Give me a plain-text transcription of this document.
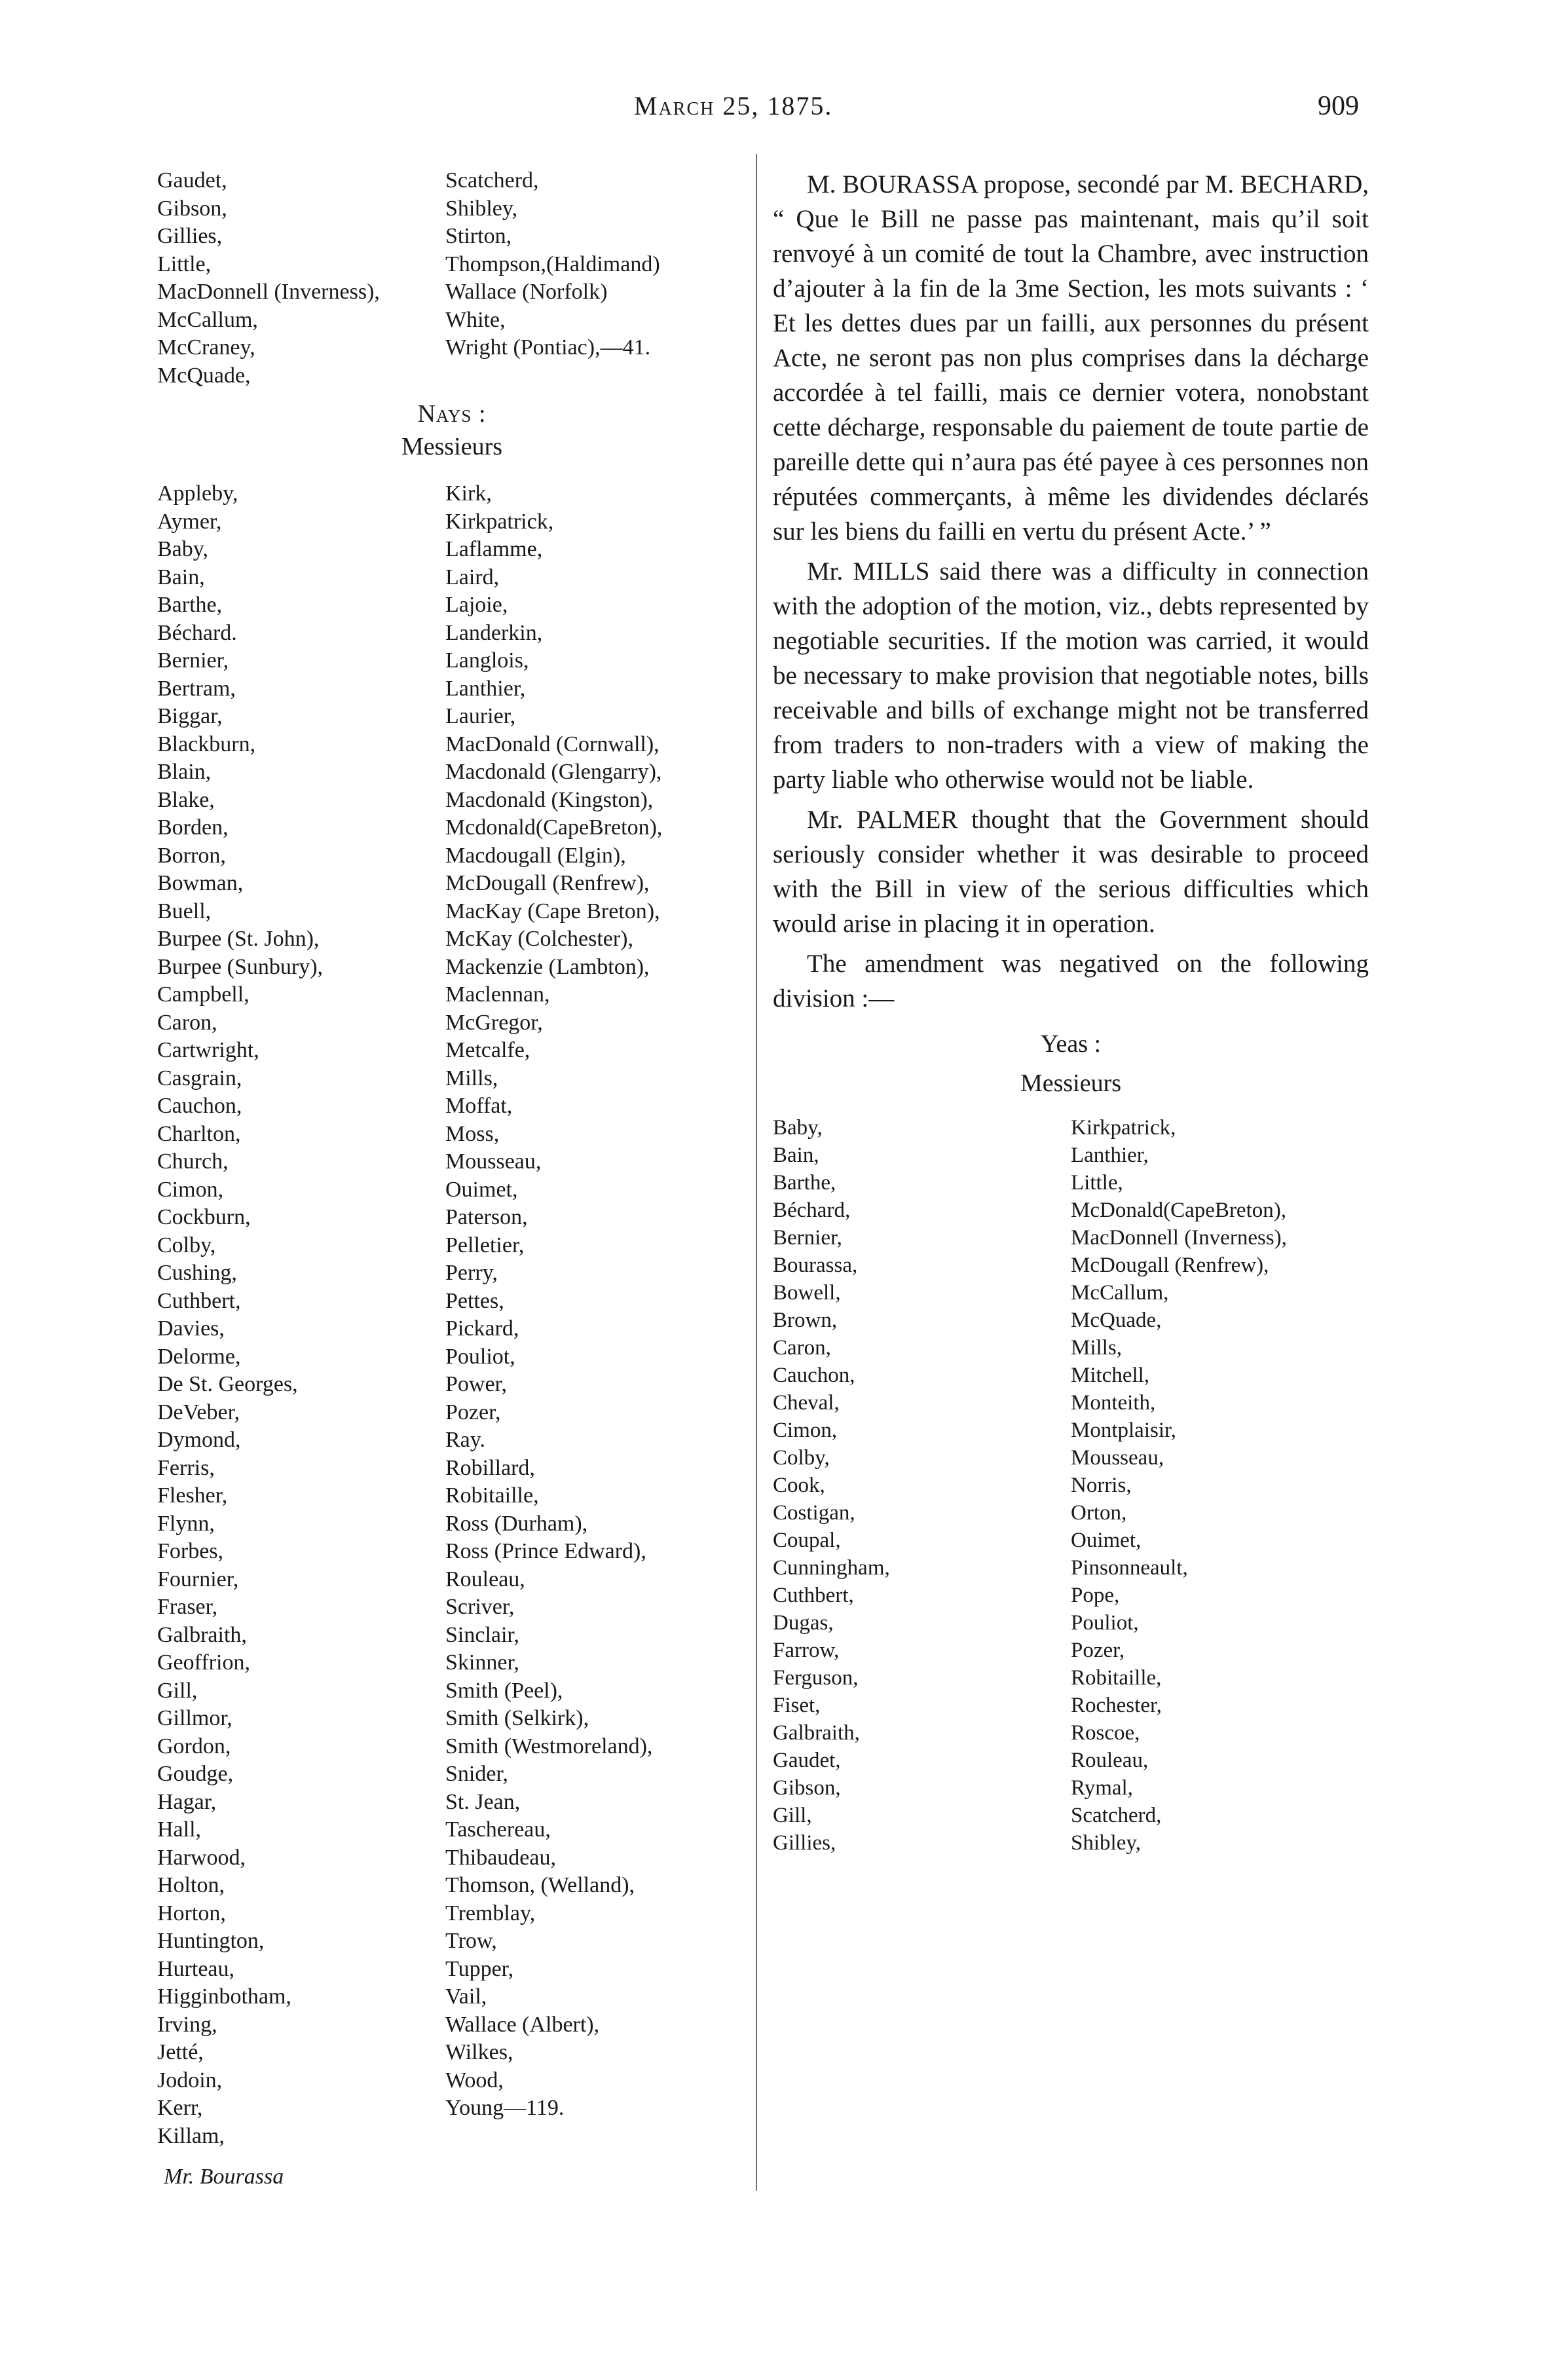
March 25, 1875.	909
Gaudet,
Gibson,
Gillies,
Little,
MacDonnell (Inverness),
McCallum,
McCraney,
McQuade,
Scatcherd,
Shibley,
Stirton,
Thompson,(Haldimand)
Wallace (Norfolk)
White,
Wright (Pontiac),—41.
Nays :
Messieurs
Appleby,
Aymer,
Baby,
Bain,
Barthe,
Béchard.
Bernier,
Bertram,
Biggar,
Blackburn,
Blain,
Blake,
Borden,
Borron,
Bowman,
Buell,
Burpee (St. John),
Burpee (Sunbury),
Campbell,
Caron,
Cartwright,
Casgrain,
Cauchon,
Charlton,
Church,
Cimon,
Cockburn,
Colby,
Cushing,
Cuthbert,
Davies,
Delorme,
De St. Georges,
DeVeber,
Dymond,
Ferris,
Flesher,
Flynn,
Forbes,
Fournier,
Fraser,
Galbraith,
Geoffrion,
Gill,
Gillmor,
Gordon,
Goudge,
Hagar,
Hall,
Harwood,
Holton,
Horton,
Huntington,
Hurteau,
Higginbotham,
Irving,
Jetté,
Jodoin,
Kerr,
Killam,
Kirk,
Kirkpatrick,
Laflamme,
Laird,
Lajoie,
Landerkin,
Langlois,
Lanthier,
Laurier,
MacDonald (Cornwall),
Macdonald (Glengarry),
Macdonald (Kingston),
Mcdonald(CapeBreton),
Macdougall (Elgin),
McDougall (Renfrew),
MacKay (Cape Breton),
McKay (Colchester),
Mackenzie (Lambton),
Maclennan,
McGregor,
Metcalfe,
Mills,
Moffat,
Moss,
Mousseau,
Ouimet,
Paterson,
Pelletier,
Perry,
Pettes,
Pickard,
Pouliot,
Power,
Pozer,
Ray.
Robillard,
Robitaille,
Ross (Durham),
Ross (Prince Edward),
Rouleau,
Scriver,
Sinclair,
Skinner,
Smith (Peel),
Smith (Selkirk),
Smith (Westmoreland),
Snider,
St. Jean,
Taschereau,
Thibaudeau,
Thomson, (Welland),
Tremblay,
Trow,
Tupper,
Vail,
Wallace (Albert),
Wilkes,
Wood,
Young—119.
Mr. Bourassa

M. BOURASSA propose, secondé par M. BECHARD, “ Que le Bill ne passe pas maintenant, mais qu’il soit renvoyé à un comité de tout la Chambre, avec instruction d’ajouter à la fin de la 3me Section, les mots suivants : ‘ Et les dettes dues par un failli, aux personnes du présent Acte, ne seront pas non plus comprises dans la décharge accordée à tel failli, mais ce dernier votera, nonobstant cette décharge, responsable du paiement de toute partie de pareille dette qui n’aura pas été payee à ces personnes non réputées commerçants, à même les dividendes déclarés sur les biens du failli en vertu du présent Acte.’ ”

Mr. MILLS said there was a difficulty in connection with the adoption of the motion, viz., debts represented by negotiable securities. If the motion was carried, it would be necessary to make provision that negotiable notes, bills receivable and bills of exchange might not be transferred from traders to non-traders with a view of making the party liable who otherwise would not be liable.

Mr. PALMER thought that the Government should seriously consider whether it was desirable to proceed with the Bill in view of the serious difficulties which would arise in placing it in operation.

The amendment was negatived on the following division :—

Yeas :
Messieurs
Baby,
Bain,
Barthe,
Béchard,
Bernier,
Bourassa,
Bowell,
Brown,
Caron,
Cauchon,
Cheval,
Cimon,
Colby,
Cook,
Costigan,
Coupal,
Cunningham,
Cuthbert,
Dugas,
Farrow,
Ferguson,
Fiset,
Galbraith,
Gaudet,
Gibson,
Gill,
Gillies,
Kirkpatrick,
Lanthier,
Little,
McDonald(CapeBreton),
MacDonnell (Inverness),
McDougall (Renfrew),
McCallum,
McQuade,
Mills,
Mitchell,
Monteith,
Montplaisir,
Mousseau,
Norris,
Orton,
Ouimet,
Pinsonneault,
Pope,
Pouliot,
Pozer,
Robitaille,
Rochester,
Roscoe,
Rouleau,
Rymal,
Scatcherd,
Shibley,
